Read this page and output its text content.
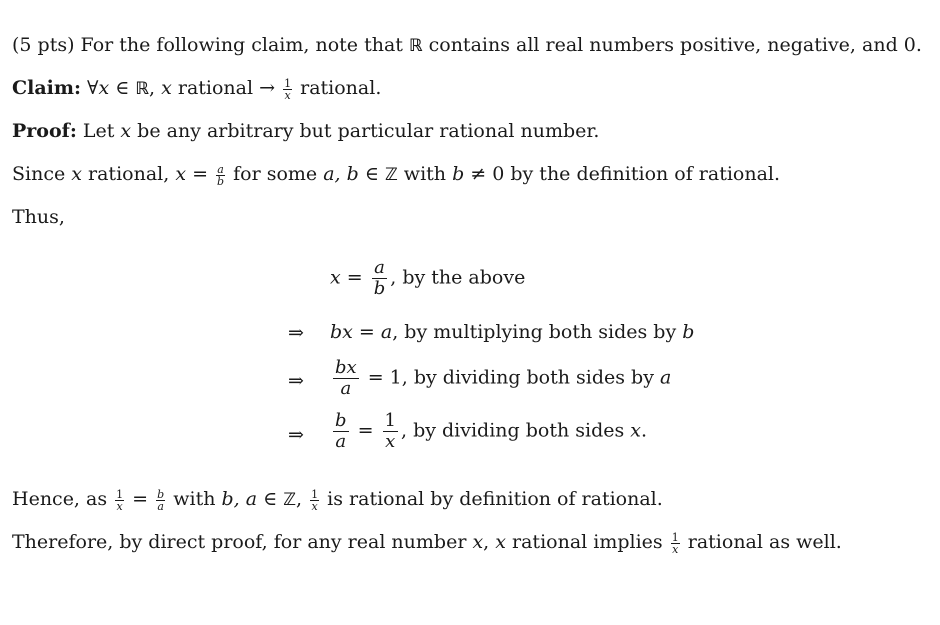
(5 pts) For the following claim, note that ℝ contains all real numbers positive, negative, and 0.
Claim: ∀x ∈ ℝ, x rational → $\frac{1}{x}$ rational.
Proof: Let x be any arbitrary but particular rational number.
Since x rational, $x = \frac{a}{b}$ for some a, b ∈ ℤ with b ≠ 0 by the definition of rational.
Thus,
$x = \frac{a}{b}$ , by the above
⇒ bx = a, by multiplying both sides by b
⇒ $\frac{bx}{a} = 1$, by dividing both sides by a
⇒ $\frac{b}{a} = \frac{1}{x}$ , by dividing both sides x.
Hence, as $\frac{1}{x} = \frac{b}{a}$ with b, a ∈ ℤ, $\frac{1}{x}$ is rational by definition of rational.
Therefore, by direct proof, for any real number x, x rational implies $\frac{1}{x}$ rational as well.
